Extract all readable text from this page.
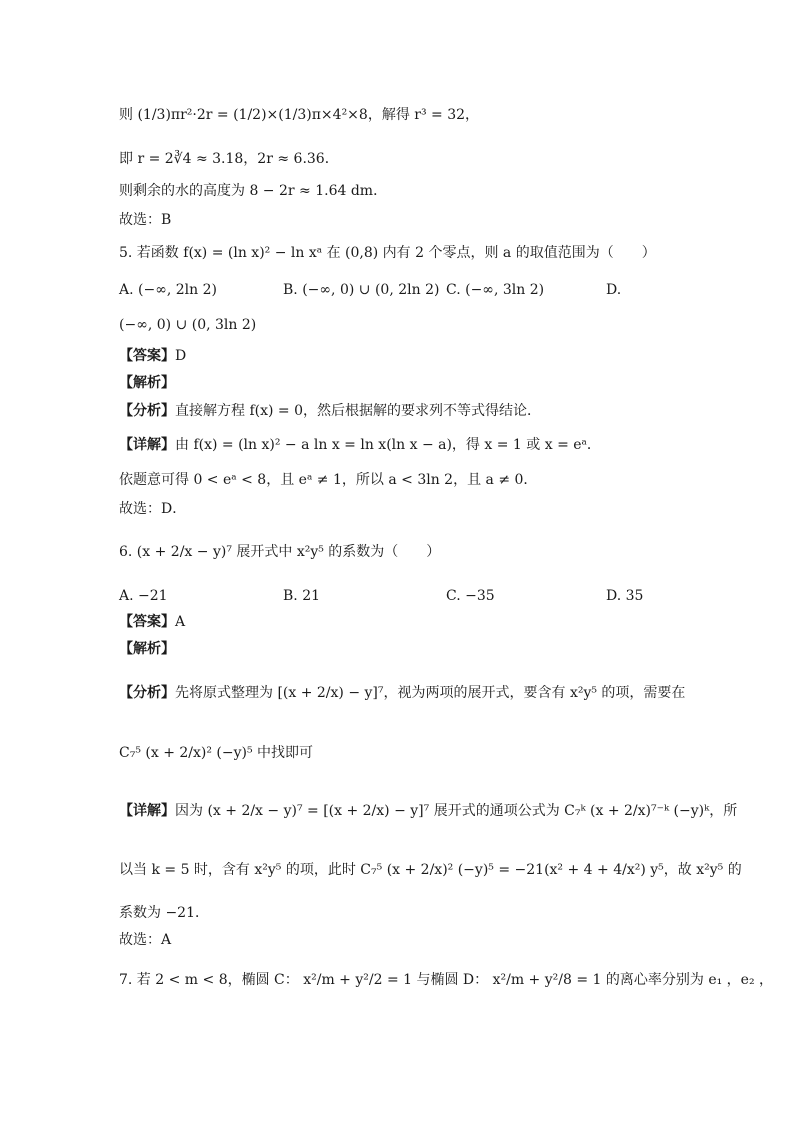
则 (1/3)πr²·2r = (1/2)×(1/3)π×4²×8，解得 r³ = 32，
即 r = 2∛4 ≈ 3.18，2r ≈ 6.36．
则剩余的水的高度为 8 − 2r ≈ 1.64 dm．
故选：B
5. 若函数 f(x) = (ln x)² − ln xᵃ 在 (0,8) 内有 2 个零点，则 a 的取值范围为（　　）
A. (−∞, 2ln 2)	B. (−∞, 0) ∪ (0, 2ln 2) C. (−∞, 3ln 2)	D.
(−∞, 0) ∪ (0, 3ln 2)
【答案】D
【解析】
【分析】直接解方程 f(x) = 0，然后根据解的要求列不等式得结论．
【详解】由 f(x) = (ln x)² − a ln x = ln x(ln x − a)，得 x = 1 或 x = eᵃ．
依题意可得 0 < eᵃ < 8，且 eᵃ ≠ 1，所以 a < 3ln 2，且 a ≠ 0．
故选：D．
6. (x + 2/x − y)⁷ 展开式中 x²y⁵ 的系数为（　　）
A. −21	B. 21	C. −35	D. 35
【答案】A
【解析】
【分析】先将原式整理为 [(x + 2/x) − y]⁷，视为两项的展开式，要含有 x²y⁵ 的项，需要在
C₇⁵ (x + 2/x)² (−y)⁵ 中找即可
【详解】因为 (x + 2/x − y)⁷ = [(x + 2/x) − y]⁷ 展开式的通项公式为 C₇ᵏ (x + 2/x)⁷⁻ᵏ (−y)ᵏ，所
以当 k = 5 时，含有 x²y⁵ 的项，此时 C₇⁵ (x + 2/x)² (−y)⁵ = −21(x² + 4 + 4/x²) y⁵，故 x²y⁵ 的
系数为 −21．
故选：A
7. 若 2 < m < 8，椭圆 C： x²/m + y²/2 = 1 与椭圆 D： x²/m + y²/8 = 1 的离心率分别为 e₁ ，e₂ ，
